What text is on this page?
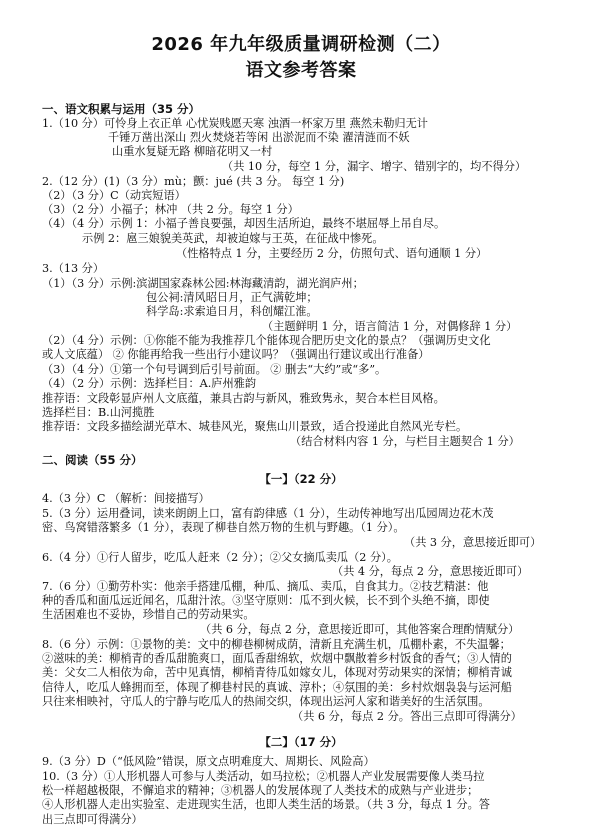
2026 年九年级质量调研检测（二）
语文参考答案
一、语文积累与运用（35 分）
1.（10 分）可怜身上衣正单 心忧炭贱愿天寒 浊酒一杯家万里 燕然未勒归无计
千锤万凿出深山 烈火焚烧若等闲 出淤泥而不染 濯清涟而不妖
山重水复疑无路 柳暗花明又一村
（共 10 分，每空 1 分，漏字、增字、错别字的，均不得分）
2.（12 分）(1)（3 分）mù；颤：jué (共 3 分。 每空 1 分)
（2）（3 分）C（动宾短语）
（3）（2 分）小福子；林冲 （共 2 分。每空 1 分）
（4）（4 分）示例 1：小福子善良要强，却因生活所迫，最终不堪屈辱上吊自尽。
示例 2：扈三娘貌美英武，却被迫嫁与王英，在征战中惨死。
（性格特点 1 分，主要经历 2 分，仿照句式、语句通顺 1 分）
3.（13 分）
（1）（3 分）示例:滨湖国家森林公园:林海藏清韵，湖光润庐州；
包公祠:清风昭日月，正气满乾坤；
科学岛:求索追日月，科创耀江淮。
（主题鲜明 1 分，语言简洁 1 分，对偶修辞 1 分）
（2）（4 分）示例：①你能不能为我推荐几个能体现合肥历史文化的景点？（强调历史文化
或人文底蕴） ② 你能再给我一些出行小建议吗？（强调出行建议或出行准备）
（3）（4 分）①第一个句号调到后引号前面。 ② 删去“大约”或“多”。
（4）（2 分）示例：选择栏目：A.庐州雅韵
推荐语：文段彰显庐州人文底蕴，兼具古韵与新风，雅致隽永，契合本栏目风格。
选择栏目：B.山河揽胜
推荐语：文段多描绘湖光草木、城巷风光，聚焦山川景致，适合投递此自然风光专栏。
（结合材料内容 1 分，与栏目主题契合 1 分）
二、阅读（55 分）
【一】（22 分）
4.（3 分）C （解析：间接描写）
5.（3 分）运用叠词，读来朗朗上口，富有韵律感（1 分），生动传神地写出瓜园周边花木茂
密、鸟窝错落繁多（1 分），表现了柳巷自然万物的生机与野趣。（1 分）。
（共 3 分，意思接近即可）
6.（4 分）①行人留步，吃瓜人赶来（2 分）；②父女摘瓜卖瓜（2 分）。
（共 4 分，每点 2 分，意思接近即可）
7.（6 分）①勤劳朴实：他亲手搭建瓜棚，种瓜、摘瓜、卖瓜，自食其力。②技艺精湛：他
种的香瓜和面瓜远近闻名，瓜甜汁浓。③坚守原则：瓜不到火候，长不到个头绝不摘，即使
生活困难也不妥协，珍惜自己的劳动果实。
（共 6 分，每点 2 分，意思接近即可，其他答案合理酌情赋分）
8.（6 分）示例：①景物的美：文中的柳巷柳树成荫，清新且充满生机，瓜棚朴素，不失温馨；
②滋味的美：柳梢青的香瓜甜脆爽口，面瓜香甜绵软，炊烟中飘散着乡村饭食的香气；③人情的
美：父女二人相依为命，苦中见真情，柳梢青待瓜如嫁女儿，体现对劳动果实的深情；柳梢青诚
信待人，吃瓜人蜂拥而至，体现了柳巷村民的真诚、淳朴；④氛围的美：乡村炊烟袅袅与运河船
只往来相映衬，守瓜人的宁静与吃瓜人的热闹交织，体现出运河人家和谐美好的生活氛围。
（共 6 分，每点 2 分。答出三点即可得满分）
【二】（17 分）
9.（3 分）D（“低风险”错误，原文点明难度大、周期长、风险高）
10.（3 分）①人形机器人可参与人类活动，如马拉松；②机器人产业发展需要像人类马拉
松一样超越极限，不懈追求的精神；③机器人的发展体现了人类技术的成熟与产业进步；
④人形机器人走出实验室、走进现实生活，也即人类生活的场景。（共 3 分，每点 1 分。答
出三点即可得满分）
